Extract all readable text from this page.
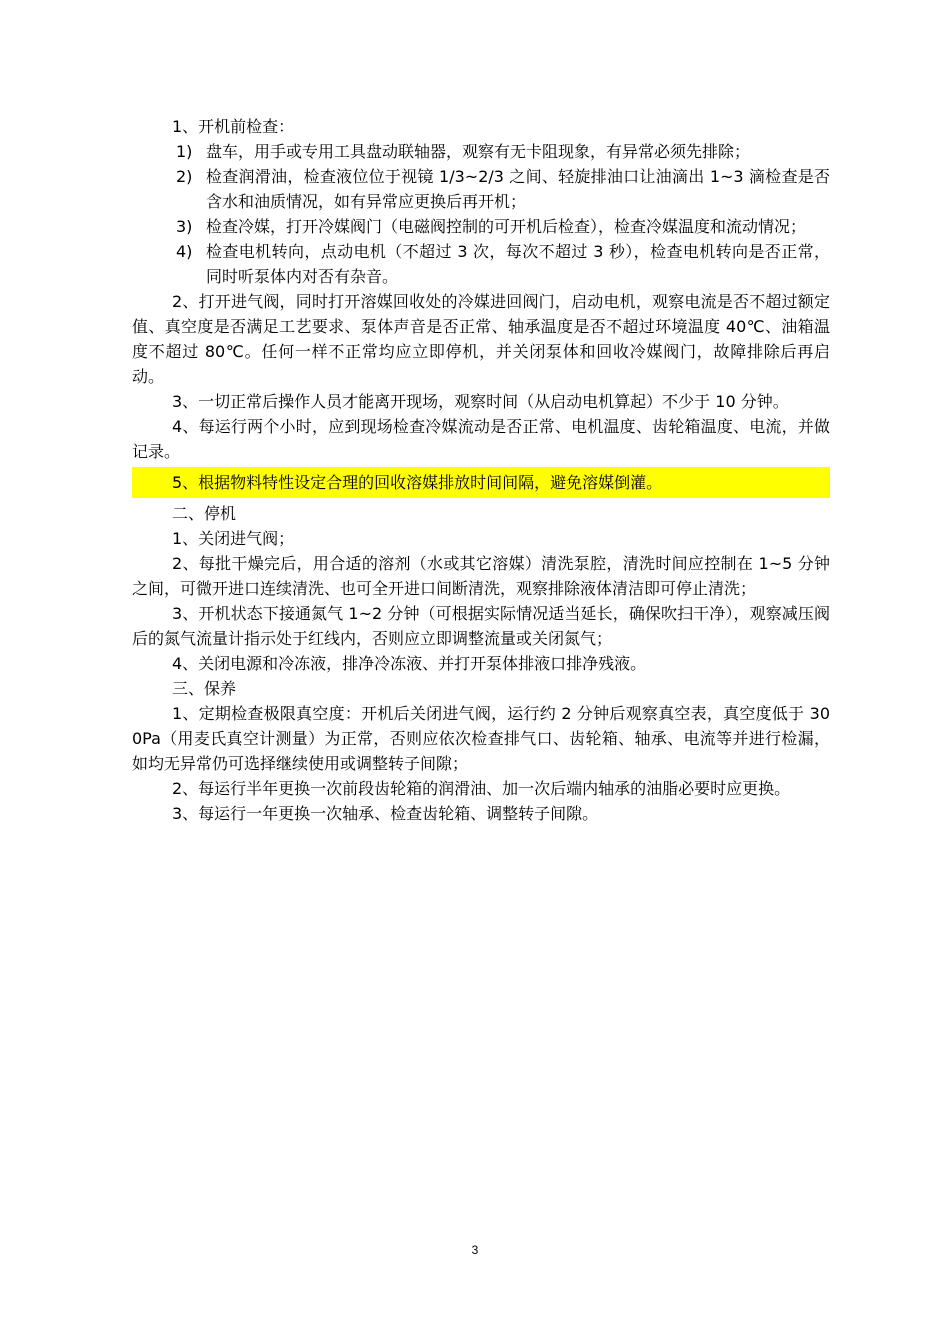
1、开机前检查：

1) 盘车，用手或专用工具盘动联轴器，观察有无卡阻现象，有异常必须先排除；
2) 检查润滑油，检查液位位于视镜 1/3~2/3 之间、轻旋排油口让油滴出 1~3 滴检查是否含水和油质情况，如有异常应更换后再开机；
3) 检查冷媒，打开冷媒阀门（电磁阀控制的可开机后检查），检查冷媒温度和流动情况；
4) 检查电机转向，点动电机（不超过 3 次，每次不超过 3 秒），检查电机转向是否正常，同时听泵体内对否有杂音。

2、打开进气阀，同时打开溶媒回收处的冷媒进回阀门，启动电机，观察电流是否不超过额定值、真空度是否满足工艺要求、泵体声音是否正常、轴承温度是否不超过环境温度 40℃、油箱温度不超过 80℃。任何一样不正常均应立即停机，并关闭泵体和回收冷媒阀门，故障排除后再启动。

3、一切正常后操作人员才能离开现场，观察时间（从启动电机算起）不少于 10 分钟。

4、每运行两个小时，应到现场检查冷媒流动是否正常、电机温度、齿轮箱温度、电流，并做记录。

5、根据物料特性设定合理的回收溶媒排放时间间隔，避免溶媒倒灌。

二、停机

1、关闭进气阀；

2、每批干燥完后，用合适的溶剂（水或其它溶媒）清洗泵腔，清洗时间应控制在 1~5 分钟之间，可微开进口连续清洗、也可全开进口间断清洗，观察排除液体清洁即可停止清洗；

3、开机状态下接通氮气 1~2 分钟（可根据实际情况适当延长，确保吹扫干净），观察减压阀后的氮气流量计指示处于红线内，否则应立即调整流量或关闭氮气；

4、关闭电源和冷冻液，排净冷冻液、并打开泵体排液口排净残液。

三、保养

1、定期检查极限真空度：开机后关闭进气阀，运行约 2 分钟后观察真空表，真空度低于 300Pa（用麦氏真空计测量）为正常，否则应依次检查排气口、齿轮箱、轴承、电流等并进行检漏，如均无异常仍可选择继续使用或调整转子间隙；

2、每运行半年更换一次前段齿轮箱的润滑油、加一次后端内轴承的油脂必要时应更换。

3、每运行一年更换一次轴承、检查齿轮箱、调整转子间隙。

3
